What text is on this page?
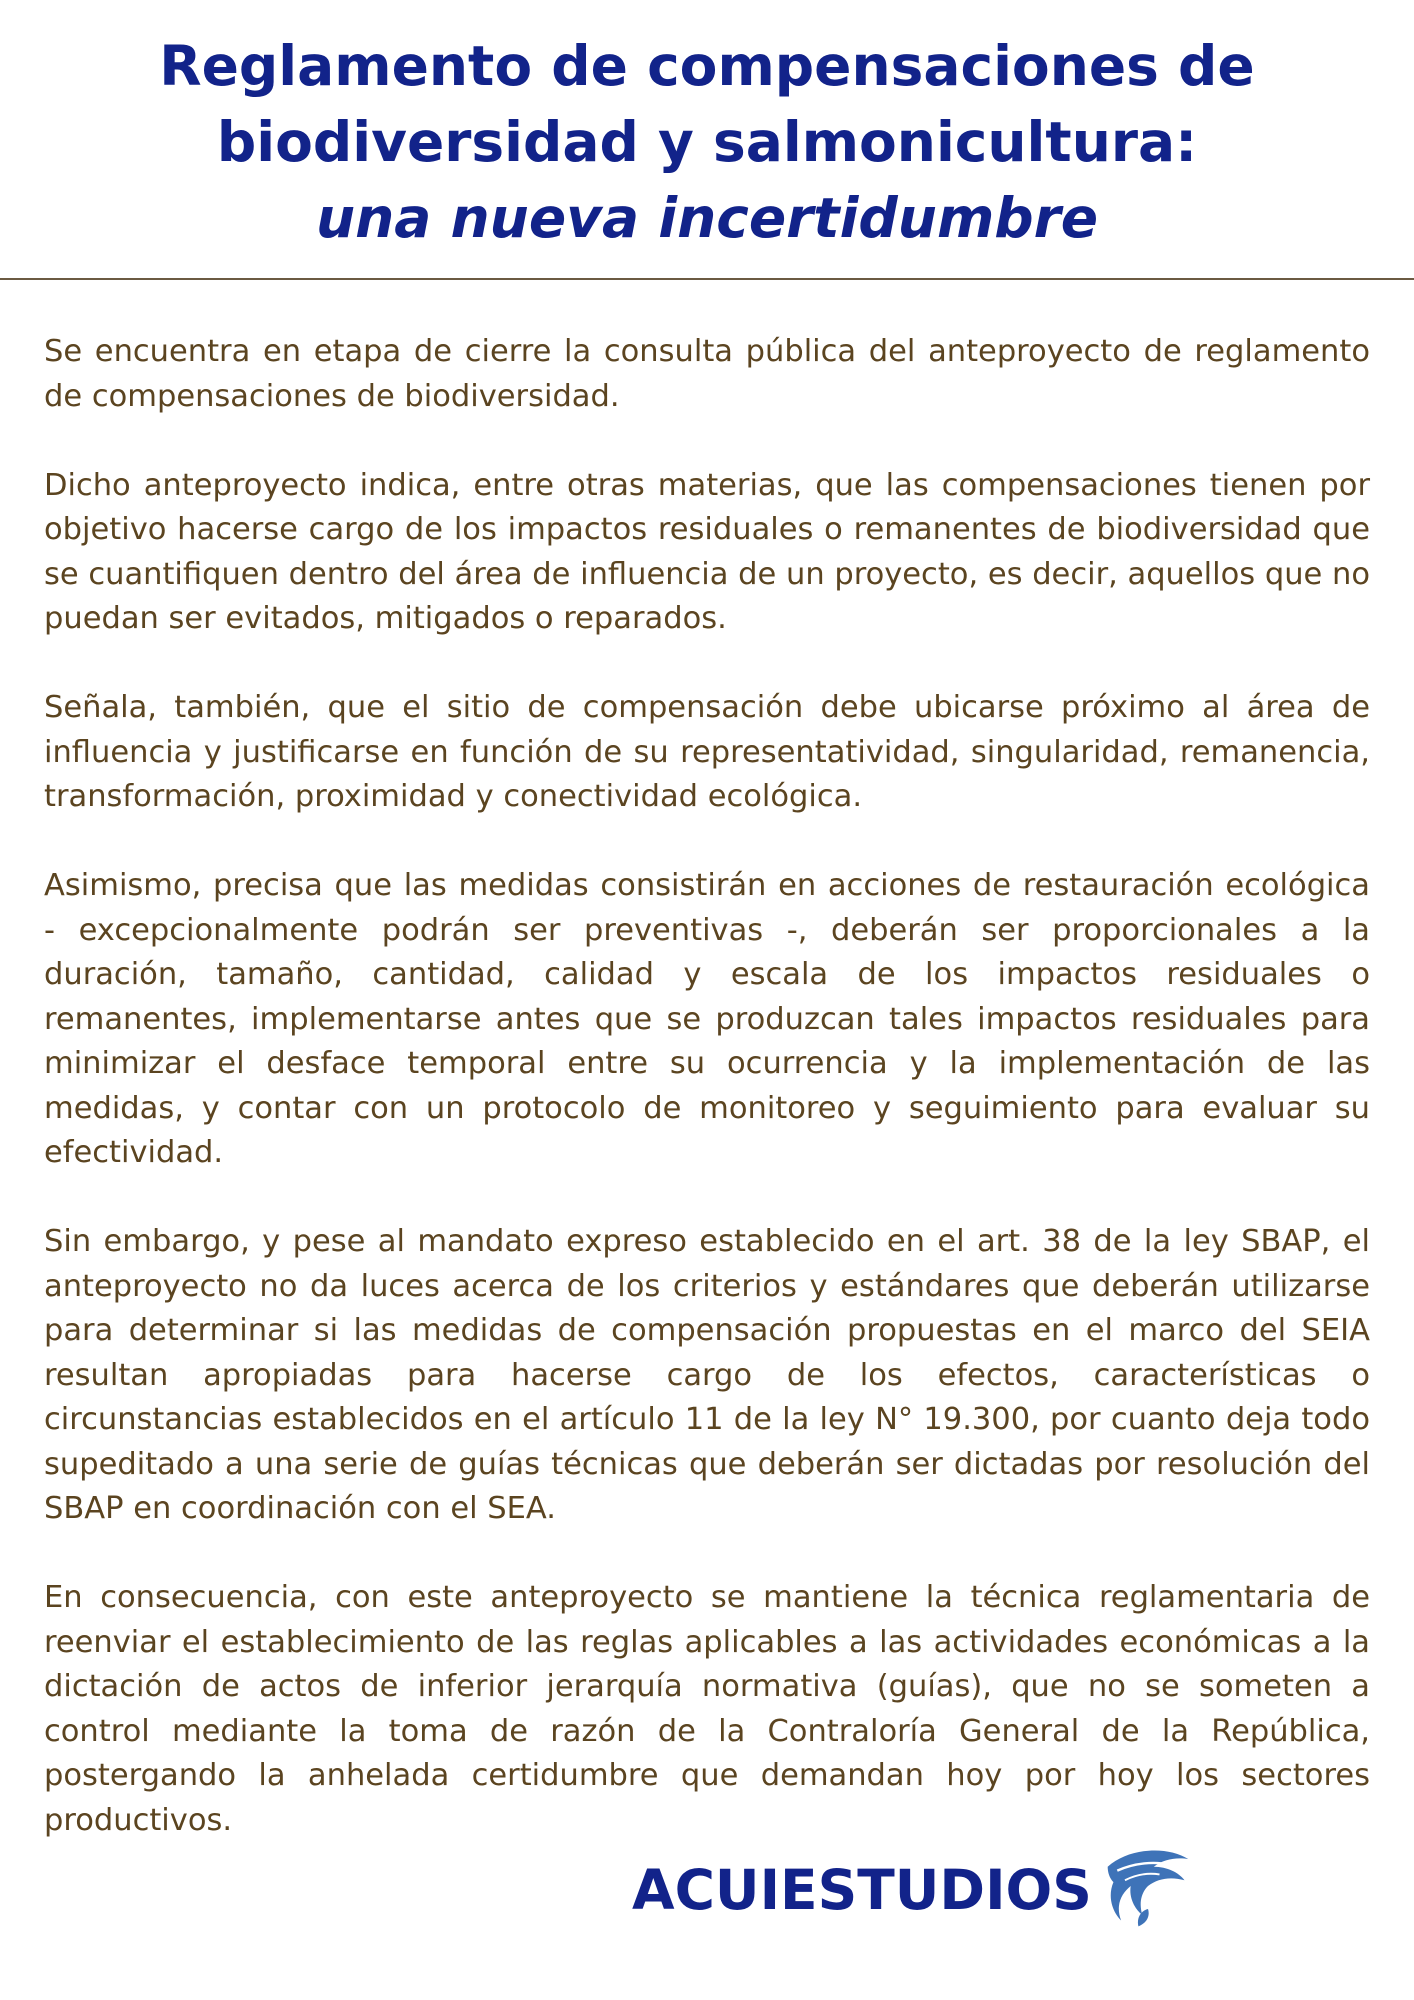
Reglamento de compensaciones de
biodiversidad y salmonicultura:
una nueva incertidumbre

Se encuentra en etapa de cierre la consulta pública del anteproyecto de reglamento de compensaciones de biodiversidad.

Dicho anteproyecto indica, entre otras materias, que las compensaciones tienen por objetivo hacerse cargo de los impactos residuales o remanentes de biodiversidad que se cuantifiquen dentro del área de influencia de un proyecto, es decir, aquellos que no puedan ser evitados, mitigados o reparados.

Señala, también, que el sitio de compensación debe ubicarse próximo al área de influencia y justificarse en función de su representatividad, singularidad, remanencia, transformación, proximidad y conectividad ecológica.

Asimismo, precisa que las medidas consistirán en acciones de restauración ecológica - excepcionalmente podrán ser preventivas -, deberán ser proporcionales a la duración, tamaño, cantidad, calidad y escala de los impactos residuales o remanentes, implementarse antes que se produzcan tales impactos residuales para minimizar el desface temporal entre su ocurrencia y la implementación de las medidas, y contar con un protocolo de monitoreo y seguimiento para evaluar su efectividad.

Sin embargo, y pese al mandato expreso establecido en el art. 38 de la ley SBAP, el anteproyecto no da luces acerca de los criterios y estándares que deberán utilizarse para determinar si las medidas de compensación propuestas en el marco del SEIA resultan apropiadas para hacerse cargo de los efectos, características o circunstancias establecidos en el artículo 11 de la ley N° 19.300, por cuanto deja todo supeditado a una serie de guías técnicas que deberán ser dictadas por resolución del SBAP en coordinación con el SEA.

En consecuencia, con este anteproyecto se mantiene la técnica reglamentaria de reenviar el establecimiento de las reglas aplicables a las actividades económicas a la dictación de actos de inferior jerarquía normativa (guías), que no se someten a control mediante la toma de razón de la Contraloría General de la República, postergando la anhelada certidumbre que demandan hoy por hoy los sectores productivos.

ACUIESTUDIOS
